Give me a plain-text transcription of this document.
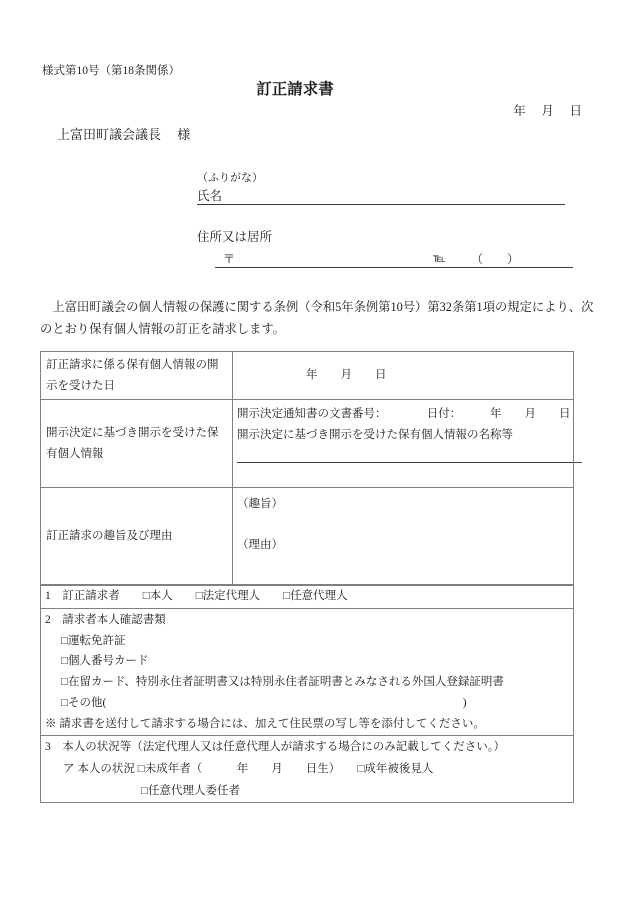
様式第10号（第18条関係）
訂正請求書
年　 月　 日
上富田町議会議長　 様
（ふりがな）
氏名
住所又は居所
〒	℡ （　　）
　上富田町議会の個人情報の保護に関する条例（令和5年条例第10号）第32条第1項の規定により、次
のとおり保有個人情報の訂正を請求します。
訂正請求に係る保有個人情報の開示を受けた日	年　　月　　日
開示決定に基づき開示を受けた保有個人情報	開示決定通知書の文書番号：　　　　日付：　　　年　　月　　日
開示決定に基づき開示を受けた保有個人情報の名称等

訂正請求の趣旨及び理由	（趣旨）
（理由）
1　訂正請求者　　□本人　　□法定代理人　　□任意代理人

2　請求者本人確認書類
□運転免許証
□個人番号カード
□在留カード、特別永住者証明書又は特別永住者証明書とみなされる外国人登録証明書
□その他(　　　　　　　　　　　　　　　　　　　　　　　　　　　　　　　)
※ 請求書を送付して請求する場合には、加えて住民票の写し等を添付してください。

3　本人の状況等（法定代理人又は任意代理人が請求する場合にのみ記載してください。）
ア 本人の状況 □未成年者（　　　年　　月　　日生）　　□成年被後見人
□任意代理人委任者
